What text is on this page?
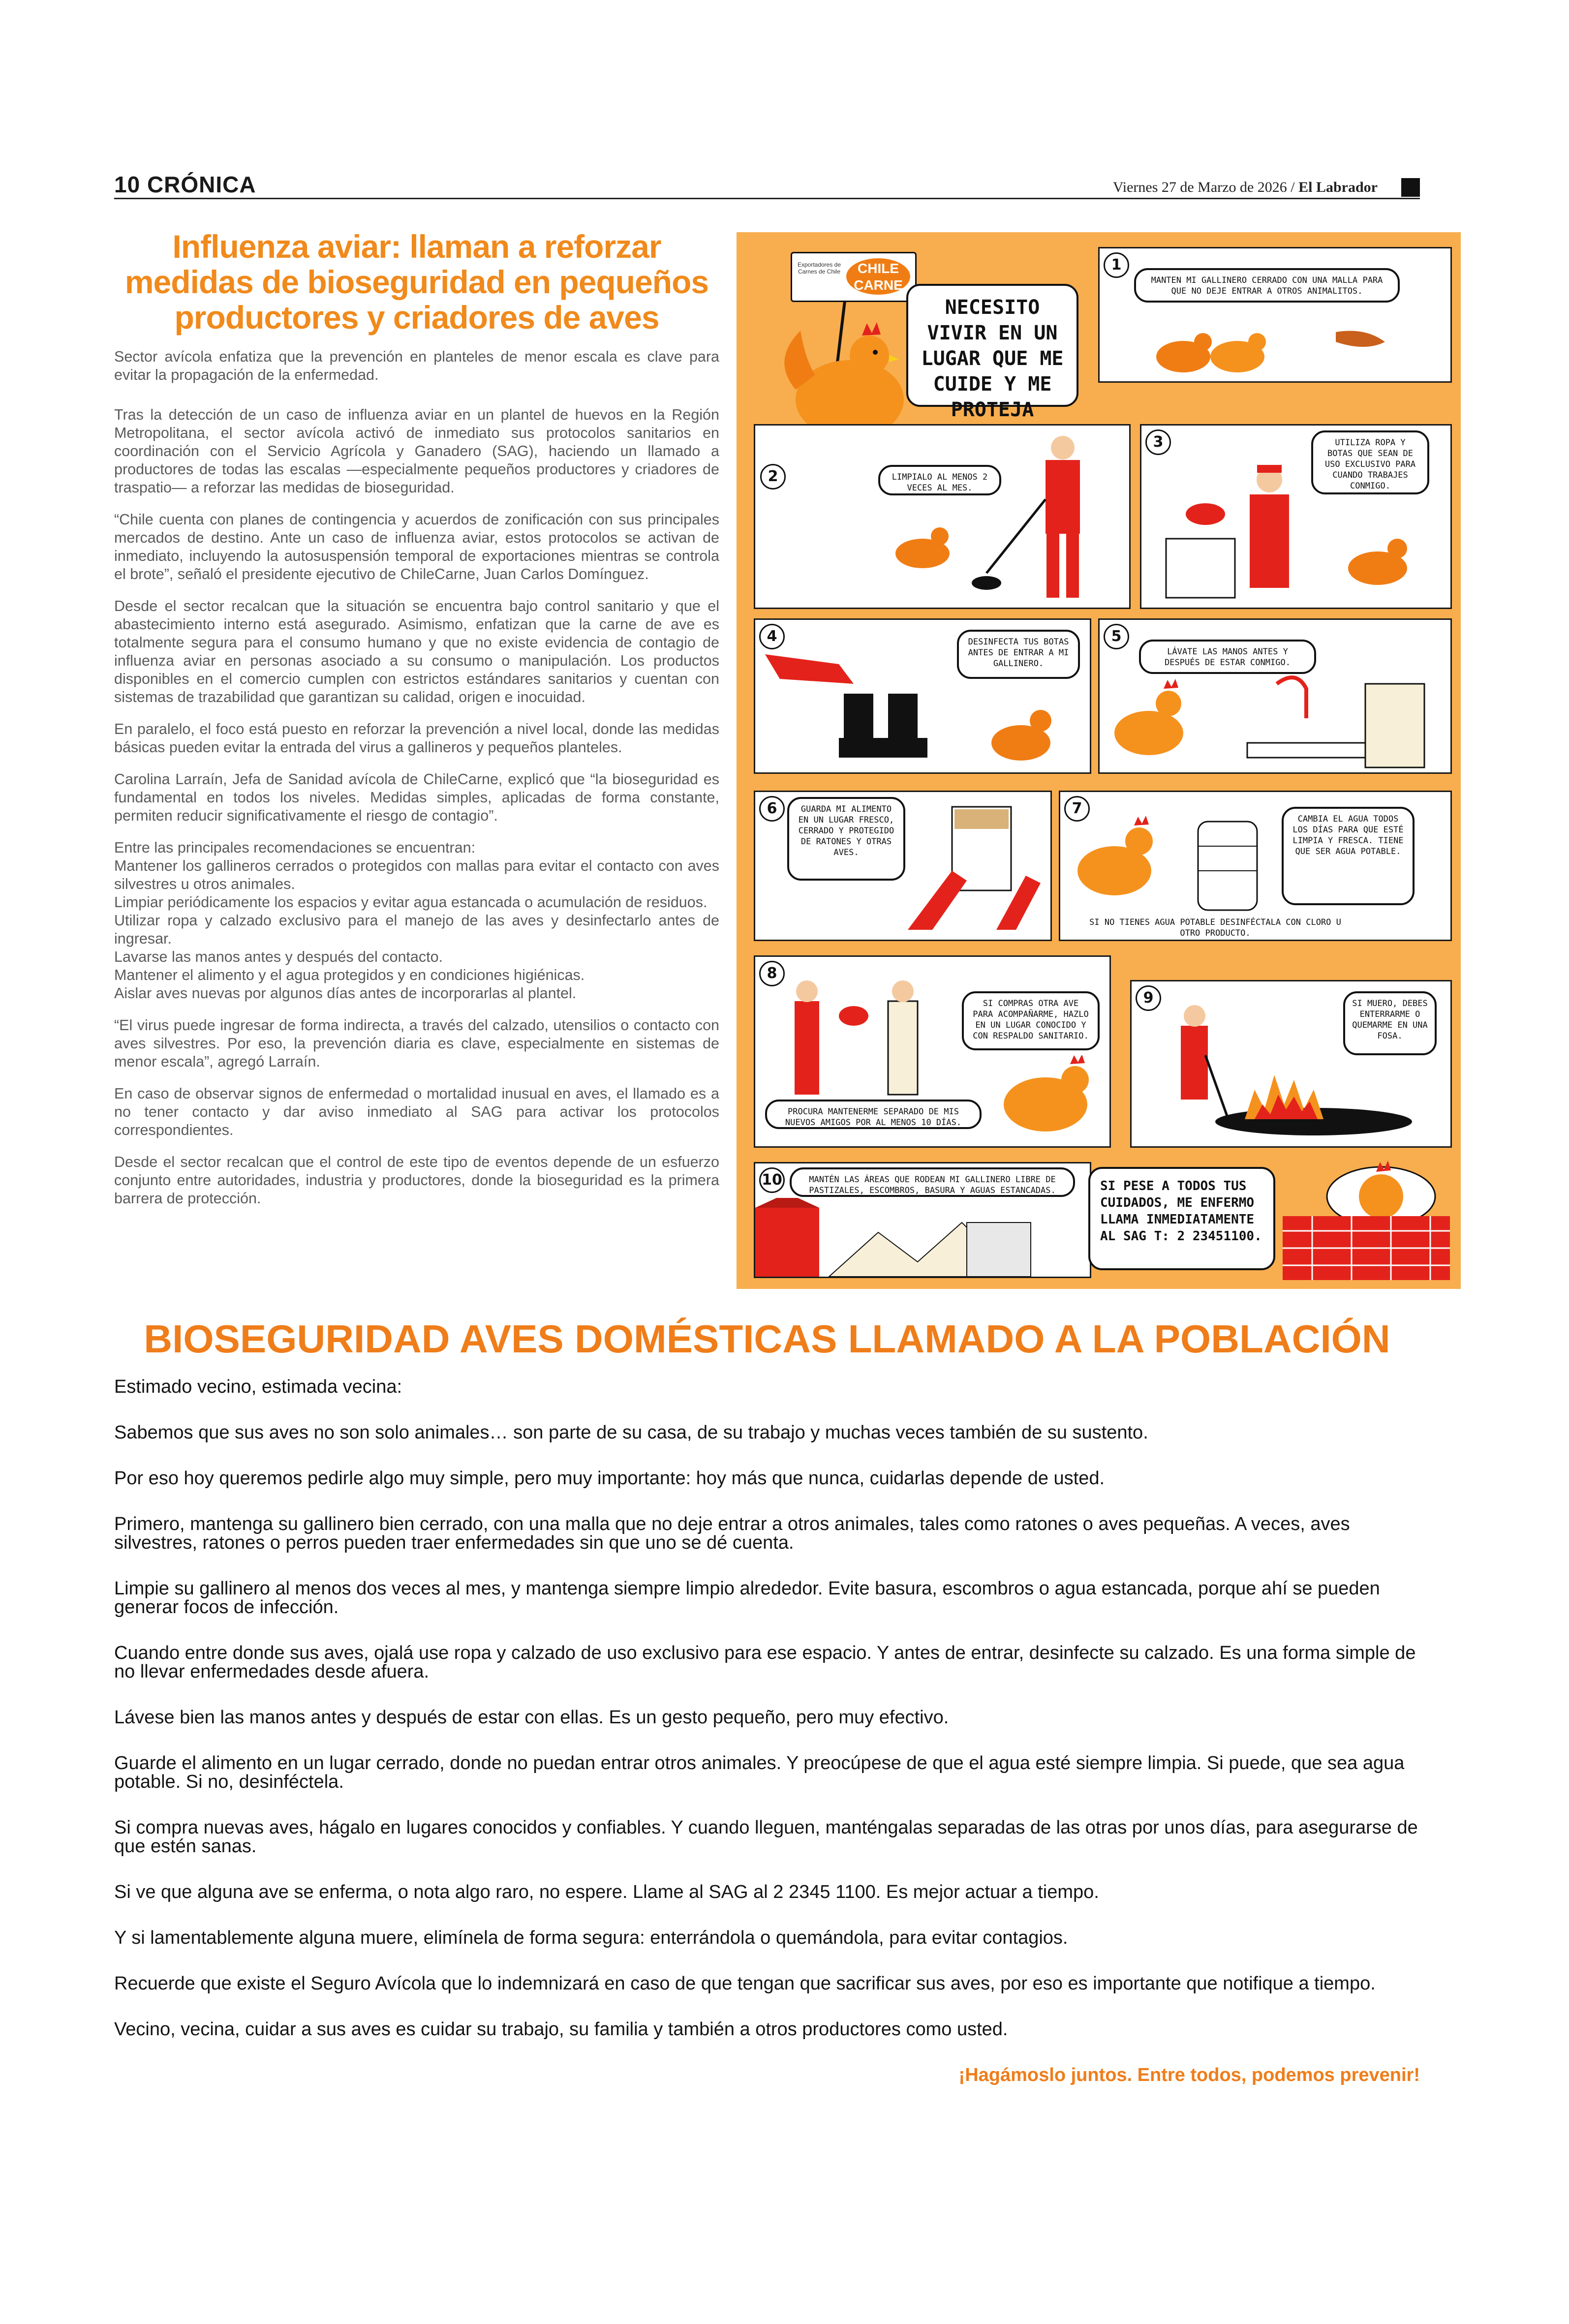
10 CRÓNICA	Viernes 27 de Marzo de 2026 / El Labrador
Influenza aviar: llaman a reforzar medidas de bioseguridad en pequeños productores y criadores de aves

Sector avícola enfatiza que la prevención en planteles de menor escala es clave para evitar la propagación de la enfermedad.

Tras la detección de un caso de influenza aviar en un plantel de huevos en la Región Metropolitana, el sector avícola activó de inmediato sus protocolos sanitarios en coordinación con el Servicio Agrícola y Ganadero (SAG), haciendo un llamado a productores de todas las escalas —especialmente pequeños productores y criadores de traspatio— a reforzar las medidas de bioseguridad.

“Chile cuenta con planes de contingencia y acuerdos de zonificación con sus principales mercados de destino. Ante un caso de influenza aviar, estos protocolos se activan de inmediato, incluyendo la autosuspensión temporal de exportaciones mientras se controla el brote”, señaló el presidente ejecutivo de ChileCarne, Juan Carlos Domínguez.

Desde el sector recalcan que la situación se encuentra bajo control sanitario y que el abastecimiento interno está asegurado. Asimismo, enfatizan que la carne de ave es totalmente segura para el consumo humano y que no existe evidencia de contagio de influenza aviar en personas asociado a su consumo o manipulación. Los productos disponibles en el comercio cumplen con estrictos estándares sanitarios y cuentan con sistemas de trazabilidad que garantizan su calidad, origen e inocuidad.

En paralelo, el foco está puesto en reforzar la prevención a nivel local, donde las medidas básicas pueden evitar la entrada del virus a gallineros y pequeños planteles.

Carolina Larraín, Jefa de Sanidad avícola de ChileCarne, explicó que “la bioseguridad es fundamental en todos los niveles. Medidas simples, aplicadas de forma constante, permiten reducir significativamente el riesgo de contagio”.

Entre las principales recomendaciones se encuentran:

Mantener los gallineros cerrados o protegidos con mallas para evitar el contacto con aves silvestres u otros animales.

Limpiar periódicamente los espacios y evitar agua estancada o acumulación de residuos.

Utilizar ropa y calzado exclusivo para el manejo de las aves y desinfectarlo antes de ingresar.

Lavarse las manos antes y después del contacto.

Mantener el alimento y el agua protegidos y en condiciones higiénicas.

Aislar aves nuevas por algunos días antes de incorporarlas al plantel.

“El virus puede ingresar de forma indirecta, a través del calzado, utensilios o contacto con aves silvestres. Por eso, la prevención diaria es clave, especialmente en sistemas de menor escala”, agregó Larraín.

En caso de observar signos de enfermedad o mortalidad inusual en aves, el llamado es a no tener contacto y dar aviso inmediato al SAG para activar los protocolos correspondientes.

Desde el sector recalcan que el control de este tipo de eventos depende de un esfuerzo conjunto entre autoridades, industria y productores, donde la bioseguridad es la primera barrera de protección.

Exportadores de Carnes de Chile	CHILE CARNE
NECESITO VIVIR EN UN LUGAR QUE ME CUIDE Y ME PROTEJA
1
MANTEN MI GALLINERO CERRADO CON UNA MALLA PARA QUE NO DEJE ENTRAR A OTROS ANIMALITOS.
2	LIMPIALO AL MENOS 2 VECES AL MES.
3	UTILIZA ROPA Y BOTAS QUE SEAN DE USO EXCLUSIVO PARA CUANDO TRABAJES CONMIGO.
4	DESINFECTA TUS BOTAS ANTES DE ENTRAR A MI GALLINERO.
5
LÁVATE LAS MANOS ANTES Y DESPUÉS DE ESTAR CONMIGO.
6	GUARDA MI ALIMENTO EN UN LUGAR FRESCO, CERRADO Y PROTEGIDO DE RATONES Y OTRAS AVES.
7
CAMBIA EL AGUA TODOS LOS DÍAS PARA QUE ESTÉ LIMPIA Y FRESCA. TIENE QUE SER AGUA POTABLE.
SI NO TIENES AGUA POTABLE DESINFÉCTALA CON CLORO U OTRO PRODUCTO.
8
SI COMPRAS OTRA AVE PARA ACOMPAÑARME, HAZLO EN UN LUGAR CONOCIDO Y CON RESPALDO SANITARIO.
PROCURA MANTENERME SEPARADO DE MIS NUEVOS AMIGOS POR AL MENOS 10 DÍAS.
9	SI MUERO, DEBES ENTERRARME O QUEMARME EN UNA FOSA.
10	MANTÉN LAS ÁREAS QUE RODEAN MI GALLINERO LIBRE DE PASTIZALES, ESCOMBROS, BASURA Y AGUAS ESTANCADAS.	SI PESE A TODOS TUS CUIDADOS, ME ENFERMO LLAMA INMEDIATAMENTE AL SAG T: 2 23451100.
BIOSEGURIDAD AVES DOMÉSTICAS LLAMADO A LA POBLACIÓN

Estimado vecino, estimada vecina:

Sabemos que sus aves no son solo animales… son parte de su casa, de su trabajo y muchas veces también de su sustento.

Por eso hoy queremos pedirle algo muy simple, pero muy importante: hoy más que nunca, cuidarlas depende de usted.

Primero, mantenga su gallinero bien cerrado, con una malla que no deje entrar a otros animales, tales como ratones o aves pequeñas. A veces, aves silvestres, ratones o perros pueden traer enfermedades sin que uno se dé cuenta.

Limpie su gallinero al menos dos veces al mes, y mantenga siempre limpio alrededor. Evite basura, escombros o agua estancada, porque ahí se pueden generar focos de infección.

Cuando entre donde sus aves, ojalá use ropa y calzado de uso exclusivo para ese espacio. Y antes de entrar, desinfecte su calzado. Es una forma simple de no llevar enfermedades desde afuera.

Lávese bien las manos antes y después de estar con ellas. Es un gesto pequeño, pero muy efectivo.

Guarde el alimento en un lugar cerrado, donde no puedan entrar otros animales. Y preocúpese de que el agua esté siempre limpia. Si puede, que sea agua potable. Si no, desinféctela.

Si compra nuevas aves, hágalo en lugares conocidos y confiables. Y cuando lleguen, manténgalas separadas de las otras por unos días, para asegurarse de que estén sanas.

Si ve que alguna ave se enferma, o nota algo raro, no espere. Llame al SAG al 2 2345 1100. Es mejor actuar a tiempo.

Y si lamentablemente alguna muere, elimínela de forma segura: enterrándola o quemándola, para evitar contagios.

Recuerde que existe el Seguro Avícola que lo indemnizará en caso de que tengan que sacrificar sus aves, por eso es importante que notifique a tiempo.

Vecino, vecina, cuidar a sus aves es cuidar su trabajo, su familia y también a otros productores como usted.

¡Hagámoslo juntos. Entre todos, podemos prevenir!
